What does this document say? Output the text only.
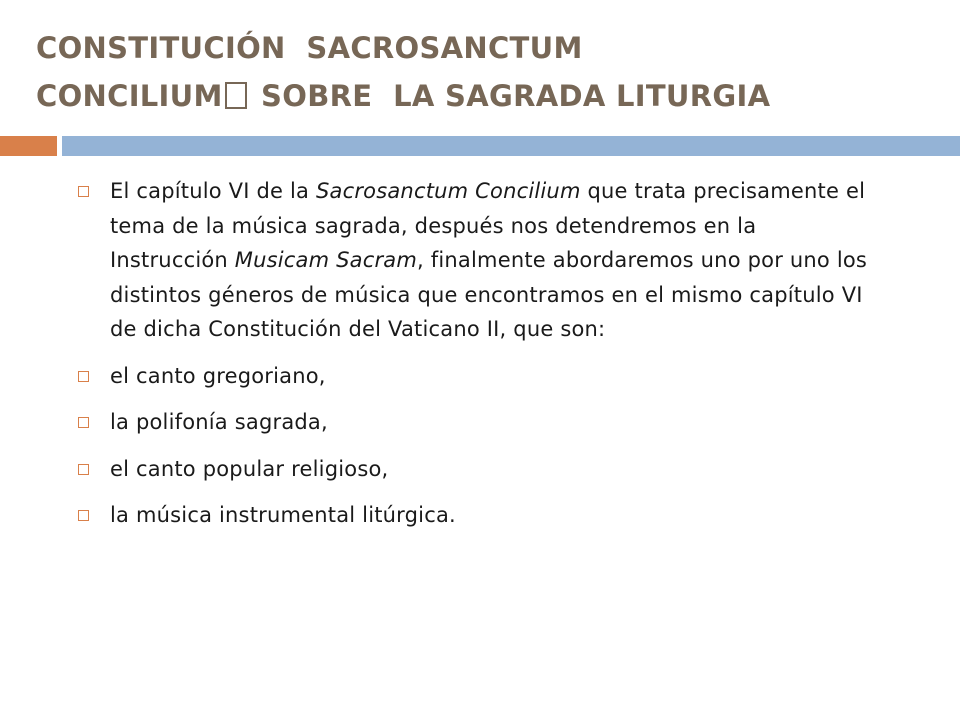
CONSTITUCIÓN  SACROSANCTUM
CONCILIUM SOBRE  LA SAGRADA LITURGIA
El capítulo VI de la Sacrosanctum Concilium que trata precisamente el tema de la música sagrada, después nos detendremos en la Instrucción Musicam Sacram, finalmente abordaremos uno por uno los distintos géneros de música que encontramos en el mismo capítulo VI de dicha Constitución del Vaticano II, que son:
el canto gregoriano,
la polifonía sagrada,
el canto popular religioso,
la música instrumental litúrgica.
